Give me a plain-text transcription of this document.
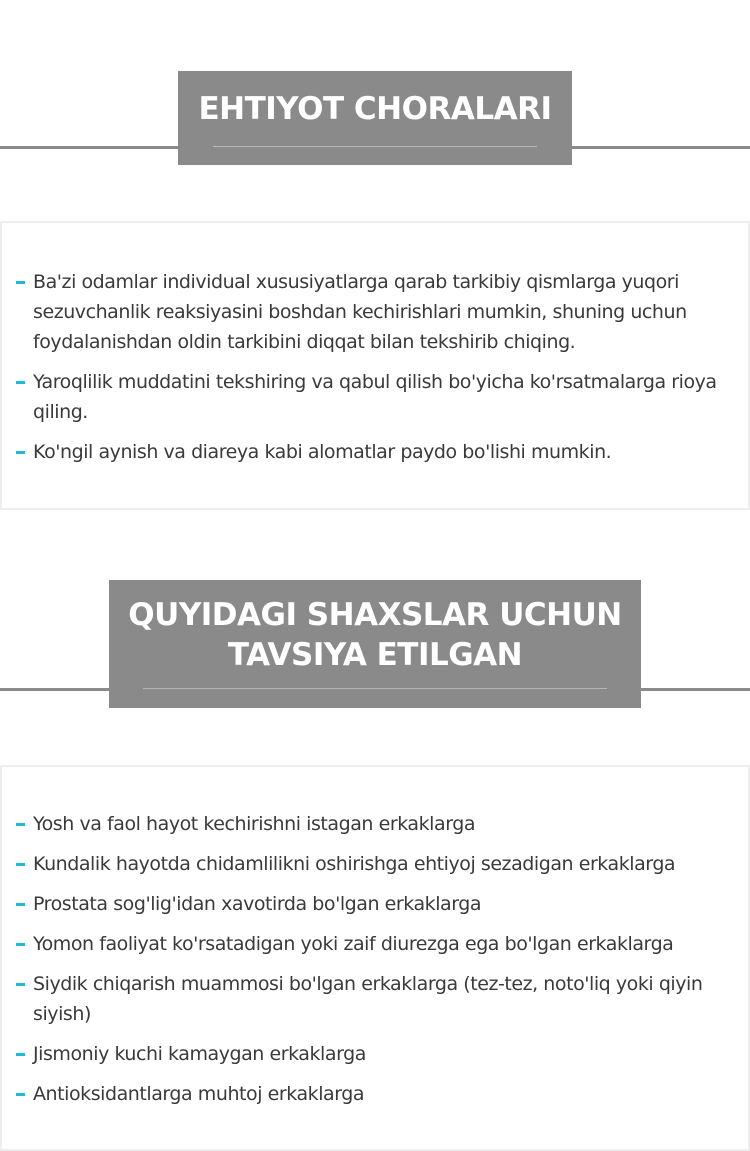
EHTIYOT CHORALARI
Ba'zi odamlar individual xususiyatlarga qarab tarkibiy qismlarga yuqori sezuvchanlik reaksiyasini boshdan kechirishlari mumkin, shuning uchun foydalanishdan oldin tarkibini diqqat bilan tekshirib chiqing.
Yaroqlilik muddatini tekshiring va qabul qilish bo'yicha ko'rsatmalarga rioya qiling.
Ko'ngil aynish va diareya kabi alomatlar paydo bo'lishi mumkin.
QUYIDAGI SHAXSLAR UCHUN
TAVSIYA ETILGAN
Yosh va faol hayot kechirishni istagan erkaklarga
Kundalik hayotda chidamlilikni oshirishga ehtiyoj sezadigan erkaklarga
Prostata sog'lig'idan xavotirda bo'lgan erkaklarga
Yomon faoliyat ko'rsatadigan yoki zaif diurezga ega bo'lgan erkaklarga
Siydik chiqarish muammosi bo'lgan erkaklarga (tez-tez, noto'liq yoki qiyin siyish)
Jismoniy kuchi kamaygan erkaklarga
Antioksidantlarga muhtoj erkaklarga
